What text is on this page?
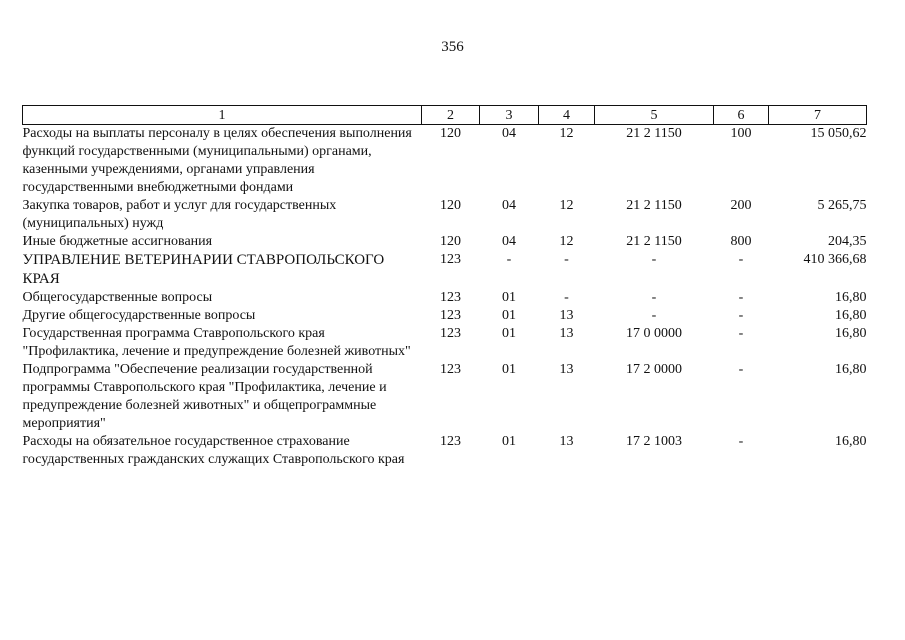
356
1	2	3	4	5	6	7
Расходы на выплаты персоналу в целях обеспечения выполнения функций государственными (муниципальными) органами, казенными учреждениями, органами управления государственными внебюджетными фондами	120	04	12	21 2 1150	100	15 050,62
Закупка товаров, работ и услуг для государственных (муниципальных) нужд	120	04	12	21 2 1150	200	5 265,75
Иные бюджетные ассигнования	120	04	12	21 2 1150	800	204,35
УПРАВЛЕНИЕ ВЕТЕРИНАРИИ СТАВРОПОЛЬСКОГО КРАЯ	123	-	-	-	-	410 366,68
Общегосударственные вопросы	123	01	-	-	-	16,80
Другие общегосударственные вопросы	123	01	13	-	-	16,80
Государственная программа Ставропольского края "Профилактика, лечение и предупреждение болезней животных"	123	01	13	17 0 0000	-	16,80
Подпрограмма "Обеспечение реализации государственной программы Ставропольского края "Профилактика, лечение и предупреждение болезней животных" и общепрограммные мероприятия"	123	01	13	17 2 0000	-	16,80
Расходы на обязательное государственное страхование государственных гражданских служащих Ставропольского края	123	01	13	17 2 1003	-	16,80
